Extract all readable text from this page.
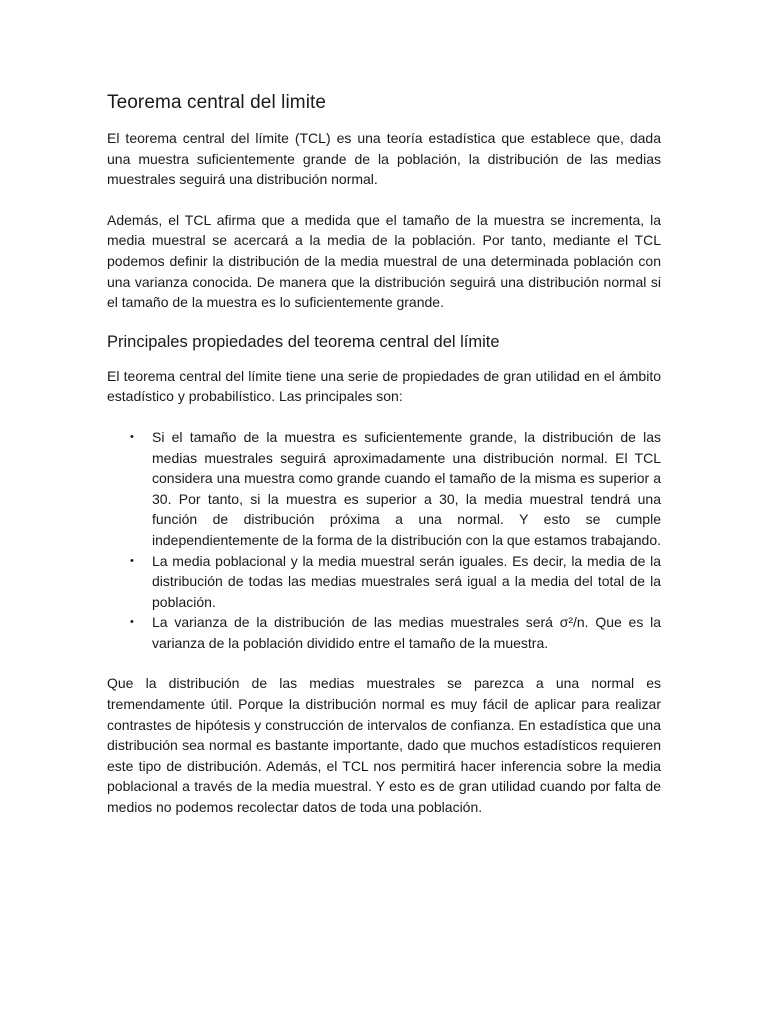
Teorema central del limite

El teorema central del límite (TCL) es una teoría estadística que establece que, dada una muestra suficientemente grande de la población, la distribución de las medias muestrales seguirá una distribución normal.

Además, el TCL afirma que a medida que el tamaño de la muestra se incrementa, la media muestral se acercará a la media de la población. Por tanto, mediante el TCL podemos definir la distribución de la media muestral de una determinada población con una varianza conocida. De manera que la distribución seguirá una distribución normal si el tamaño de la muestra es lo suficientemente grande.

Principales propiedades del teorema central del límite

El teorema central del límite tiene una serie de propiedades de gran utilidad en el ámbito estadístico y probabilístico. Las principales son:

• Si el tamaño de la muestra es suficientemente grande, la distribución de las medias muestrales seguirá aproximadamente una distribución normal. El TCL considera una muestra como grande cuando el tamaño de la misma es superior a 30. Por tanto, si la muestra es superior a 30, la media muestral tendrá una función de distribución próxima a una normal. Y esto se cumple independientemente de la forma de la distribución con la que estamos trabajando.
• La media poblacional y la media muestral serán iguales. Es decir, la media de la distribución de todas las medias muestrales será igual a la media del total de la población.
• La varianza de la distribución de las medias muestrales será σ²/n. Que es la varianza de la población dividido entre el tamaño de la muestra.

Que la distribución de las medias muestrales se parezca a una normal es tremendamente útil. Porque la distribución normal es muy fácil de aplicar para realizar contrastes de hipótesis y construcción de intervalos de confianza. En estadística que una distribución sea normal es bastante importante, dado que muchos estadísticos requieren este tipo de distribución. Además, el TCL nos permitirá hacer inferencia sobre la media poblacional a través de la media muestral. Y esto es de gran utilidad cuando por falta de medios no podemos recolectar datos de toda una población.
